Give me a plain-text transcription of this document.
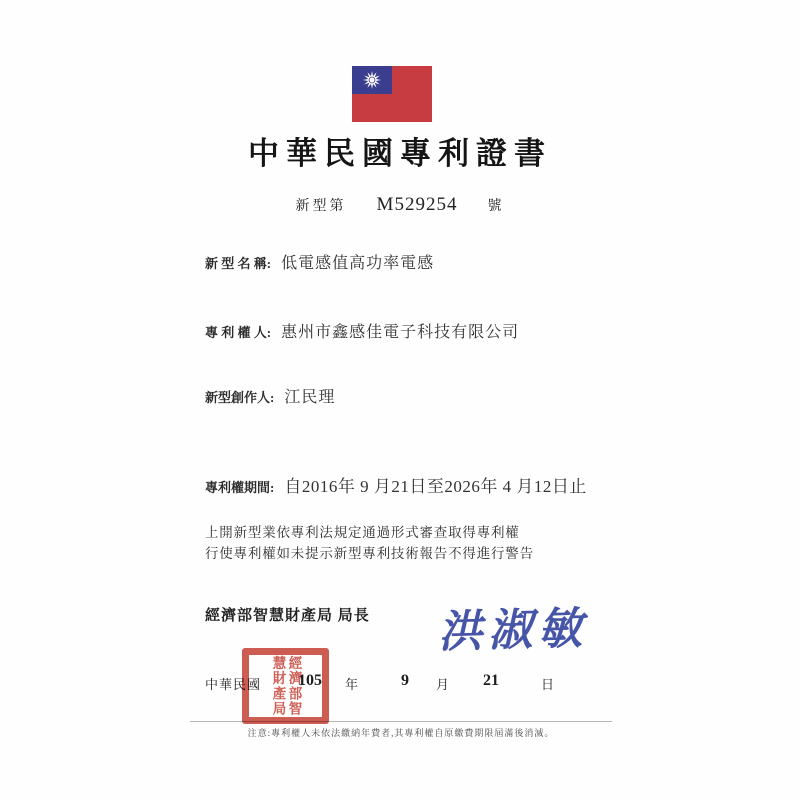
中華民國專利證書
新型第 M529254 號
新 型 名 稱: 低電感值高功率電感
專 利 權 人: 惠州市鑫感佳電子科技有限公司
新型創作人: 江民理
專利權期間: 自2016年 9 月21日至2026年 4 月12日止
上開新型業依專利法規定通過形式審查取得專利權
行使專利權如未提示新型專利技術報告不得進行警告
經濟部智慧財產局 局長 洪淑敏
中華民國 105 年	9 月 21	日
經濟部智慧財產局
注意:專利權人未依法繳納年費者,其專利權自原繳費期限屆滿後消滅。
